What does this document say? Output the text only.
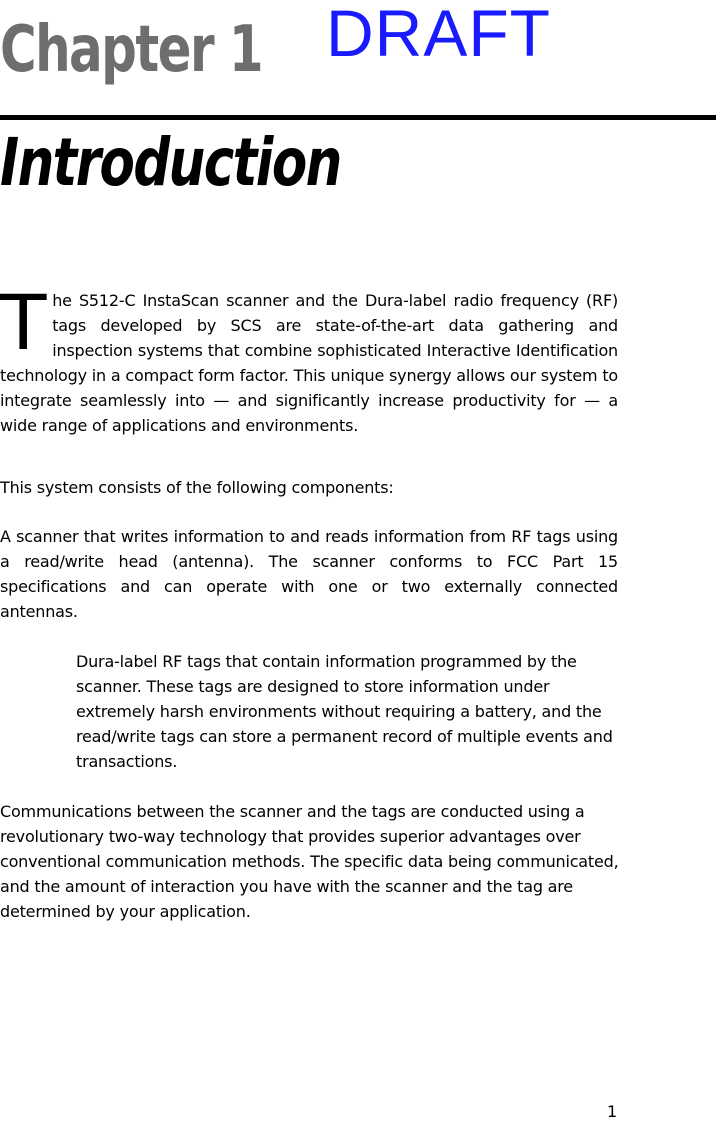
Chapter 1 DRAFT
Introduction
The S512-C InstaScan scanner and the Dura-label radio frequency (RF) tags developed by SCS are state-of-the-art data gathering and inspection systems that combine sophisticated Interactive Identification technology in a compact form factor. This unique synergy allows our system to integrate seamlessly into — and significantly increase productivity for — a wide range of applications and environments.
This system consists of the following components:
A scanner that writes information to and reads information from RF tags using a read/write head (antenna). The scanner conforms to FCC Part 15 specifications and can operate with one or two externally connected antennas.
Dura-label RF tags that contain information programmed by the scanner. These tags are designed to store information under extremely harsh environments without requiring a battery, and the read/write tags can store a permanent record of multiple events and transactions.
Communications between the scanner and the tags are conducted using a revolutionary two-way technology that provides superior advantages over conventional communication methods. The specific data being communicated, and the amount of interaction you have with the scanner and the tag are determined by your application.
1
